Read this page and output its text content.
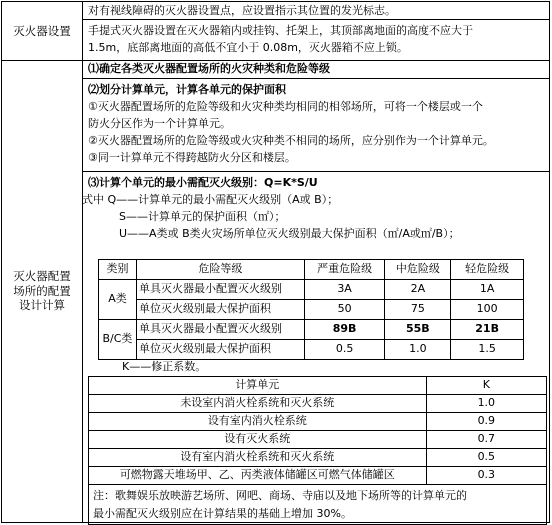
灭火器设置
对有视线障碍的灭火器设置点，应设置指示其位置的发光标志。
手提式灭火器设置在灭火器箱内或挂钩、托架上，其顶部离地面的高度不应大于
1.5m，底部离地面的高低不宜小于 0.08m，灭火器箱不应上锁。
灭火器配置
场所的配置
设计计算
⑴确定各类灭火器配置场所的火灾种类和危险等级
⑵划分计算单元，计算各单元的保护面积
①灭火器配置场所的危险等级和火灾种类均相同的相邻场所，可将一个楼层或一个
防火分区作为一个计算单元。
②灭火器配置场所的危险等级或火灾种类不相同的场所，应分别作为一个计算单元。
③同一计算单元不得跨越防火分区和楼层。
⑶计算个单元的最小需配灭火级别：Q=K*S/U
式中 Q——计算单元的最小需配灭火级别（A或 B）；
S——计算单元的保护面积（㎡）；
U——A类或 B类火灾场所单位灭火级别最大保护面积（㎡/A或㎡/B）；
类别	危险等级	严重危险级	中危险级	轻危险级
A类	单具灭火器最小配置灭火级别	3A	2A	1A
	单位灭火级别最大保护面积	50	75	100
B/C类	单具灭火器最小配置灭火级别	89B	55B	21B
	单位灭火级别最大保护面积	0.5	1.0	1.5
K——修正系数。
计算单元	K
未设室内消火栓系统和灭火系统	1.0
设有室内消火栓系统	0.9
设有灭火系统	0.7
设有室内消火栓系统和灭火系统	0.5
可燃物露天堆场甲、乙、丙类液体储罐区可燃气体储罐区	0.3

注：歌舞娱乐放映游艺场所、网吧、商场、寺庙以及地下场所等的计算单元的
最小需配灭火级别应在计算结果的基础上增加 30%。	
